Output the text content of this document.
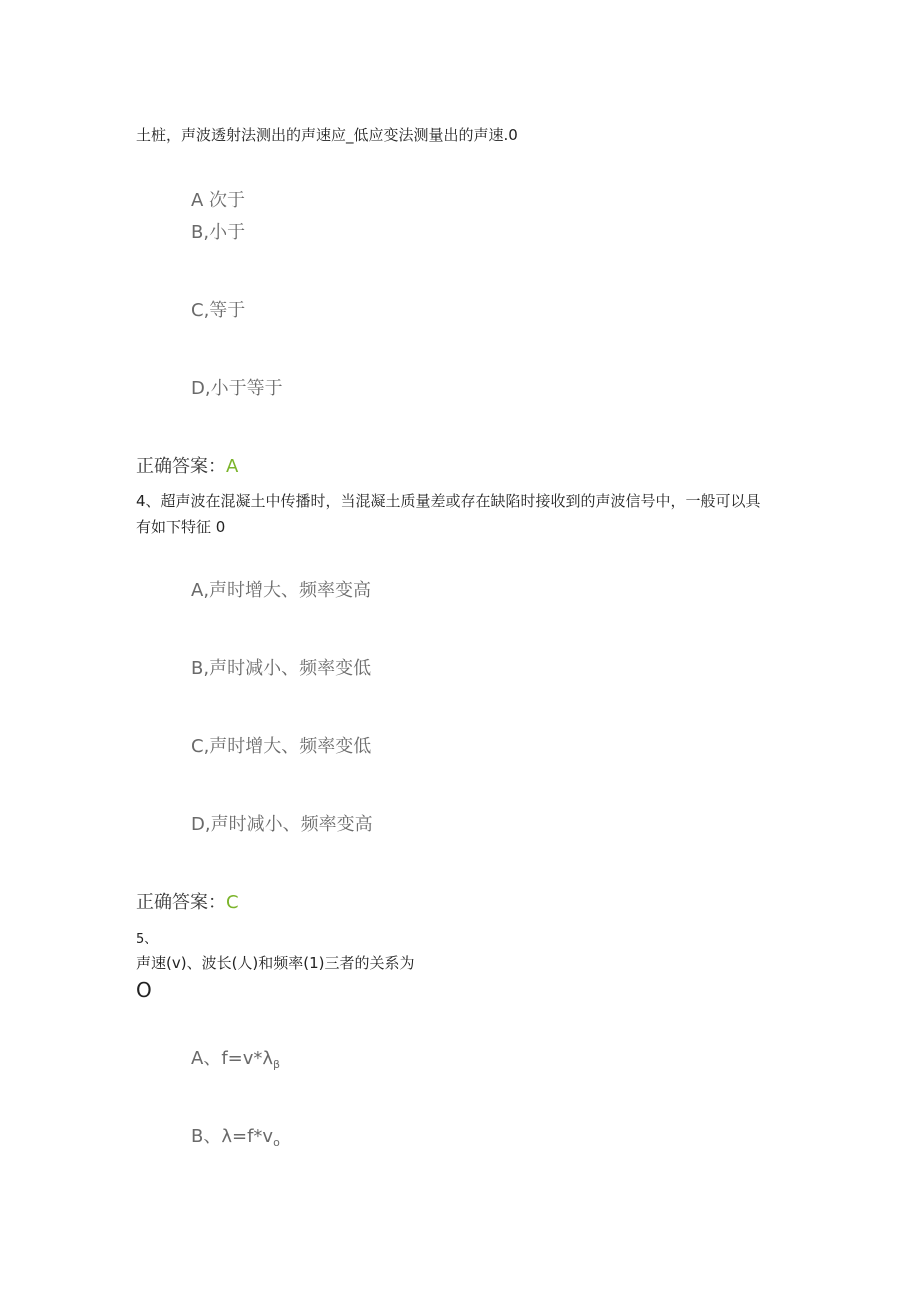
土桩，声波透射法测出的声速应_低应变法测量出的声速.0
A 次于
B,小于
C,等于
D,小于等于
正确答案：A
4、超声波在混凝土中传播时，当混凝土质量差或存在缺陷时接收到的声波信号中，一般可以具
有如下特征 0
A,声时增大、频率变高
B,声时减小、频率变低
C,声时增大、频率变低
D,声时减小、频率变高
正确答案：C
5、
声速(v)、波长(人)和频率(1)三者的关系为
O
A、$f=v*\lambda_\beta$
B、$\lambda=f*v_o$
